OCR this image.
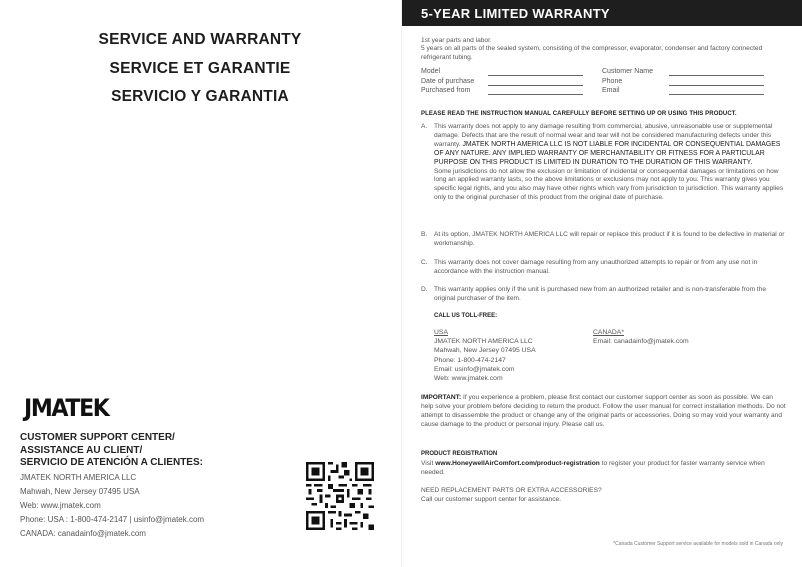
SERVICE AND WARRANTY
SERVICE ET GARANTIE
SERVICIO Y GARANTIA
JMATEK
CUSTOMER SUPPORT CENTER/
ASSISTANCE AU CLIENT/
SERVICIO DE ATENCIÓN A CLIENTES:
JMATEK NORTH AMERICA LLC
Mahwah, New Jersey 07495 USA
Web: www.jmatek.com
Phone: USA : 1-800-474-2147 | usinfo@jmatek.com
CANADA: canadainfo@jmatek.com
5-YEAR LIMITED WARRANTY
1st year parts and labor.
5 years on all parts of the sealed system, consisting of the compressor, evaporator, condenser and factory connected refrigerant tubing.
Model
Date of purchase
Purchased from
Customer Name
Phone
Email
PLEASE READ THE INSTRUCTION MANUAL CAREFULLY BEFORE SETTING UP OR USING THIS PRODUCT.
A. This warranty does not apply to any damage resulting from commercial, abusive, unreasonable use or supplemental damage. Defects that are the result of normal wear and tear will not be considered manufacturing defects under this warranty. JMATEK NORTH AMERICA LLC IS NOT LIABLE FOR INCIDENTAL OR CONSEQUENTIAL DAMAGES OF ANY NATURE. ANY IMPLIED WARRANTY OF MERCHANTABILITY OR FITNESS FOR A PARTICULAR PURPOSE ON THIS PRODUCT IS LIMITED IN DURATION TO THE DURATION OF THIS WARRANTY.
Some jurisdictions do not allow the exclusion or limitation of incidental or consequential damages or limitations on how long an applied warranty lasts, so the above limitations or exclusions may not apply to you. This warranty gives you specific legal rights, and you also may have other rights which vary from jurisdiction to jurisdiction. This warranty applies only to the original purchaser of this product from the original date of purchase.
B. At its option, JMATEK NORTH AMERICA LLC will repair or replace this product if it is found to be defective in material or workmanship.
C. This warranty does not cover damage resulting from any unauthorized attempts to repair or from any use not in accordance with the instruction manual.
D. This warranty applies only if the unit is purchased new from an authorized retailer and is non-transferable from the original purchaser of the item.
CALL US TOLL-FREE:
USA
JMATEK NORTH AMERICA LLC
Mahwah, New Jersey 07495 USA
Phone: 1-800-474-2147
Email: usinfo@jmatek.com
Web: www.jmatek.com
CANADA*
Email: canadainfo@jmatek.com
IMPORTANT: If you experience a problem, please first contact our customer support center as soon as possible. We can help solve your problem before deciding to return the product. Follow the user manual for correct installation methods. Do not attempt to disassemble the product or change any of the original parts or accessories. Doing so may void your warranty and cause damage to the product or personal injury. Please call us.
PRODUCT REGISTRATION
Visit www.HoneywellAirComfort.com/product-registration to register your product for faster warranty service when needed.
NEED REPLACEMENT PARTS OR EXTRA ACCESSORIES?
Call our customer support center for assistance.
*Canada Customer Support service available for models sold in Canada only
